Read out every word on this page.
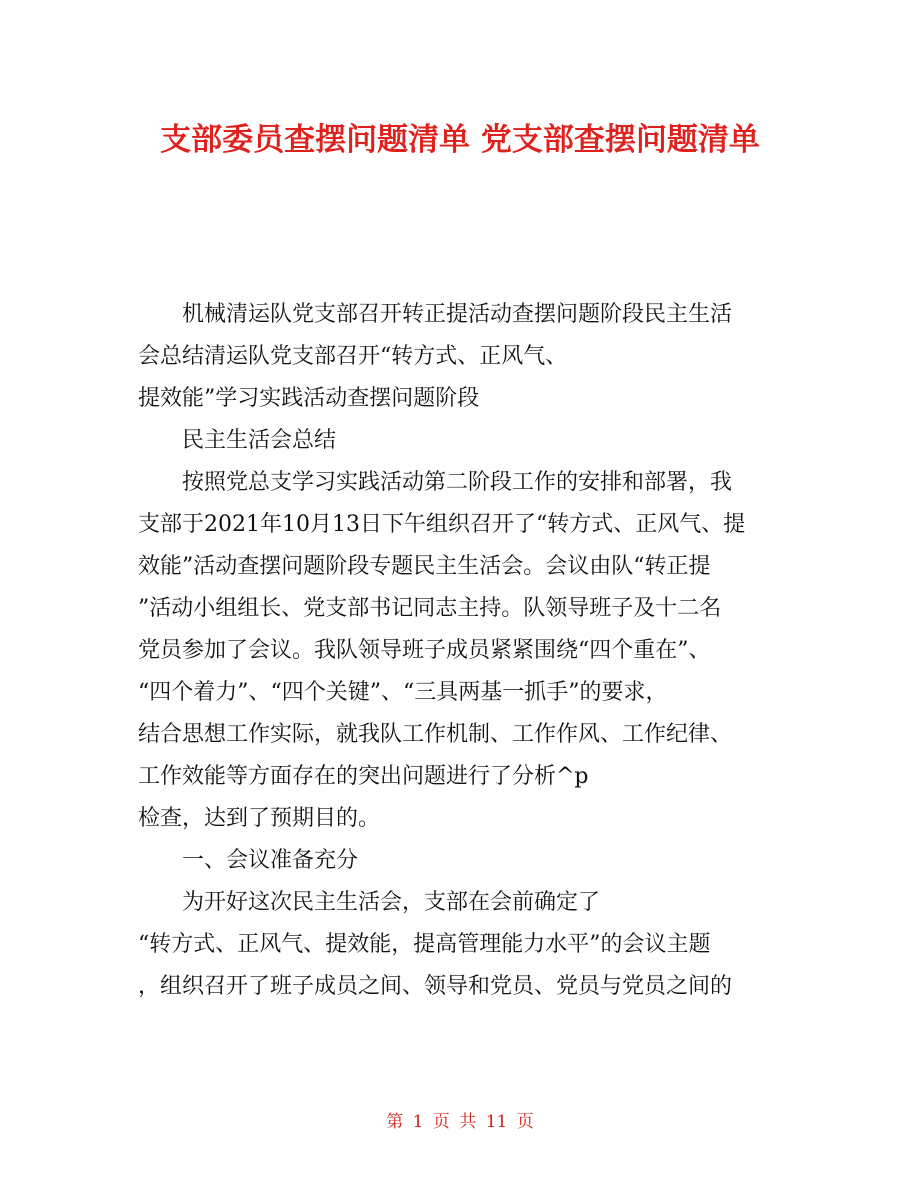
支部委员查摆问题清单 党支部查摆问题清单
机械清运队党支部召开转正提活动查摆问题阶段民主生活
会总结清运队党支部召开“转方式、正风气、
提效能”学习实践活动查摆问题阶段
民主生活会总结
按照党总支学习实践活动第二阶段工作的安排和部署，我
支部于2021年10月13日下午组织召开了“转方式、正风气、提
效能”活动查摆问题阶段专题民主生活会。会议由队“转正提
”活动小组组长、党支部书记同志主持。队领导班子及十二名
党员参加了会议。我队领导班子成员紧紧围绕“四个重在”、
“四个着力”、“四个关键”、“三具两基一抓手”的要求，
结合思想工作实际，就我队工作机制、工作作风、工作纪律、
工作效能等方面存在的突出问题进行了分析^p
检查，达到了预期目的。
一、会议准备充分
为开好这次民主生活会，支部在会前确定了
“转方式、正风气、提效能，提高管理能力水平”的会议主题
，组织召开了班子成员之间、领导和党员、党员与党员之间的
第 1 页 共 11 页
